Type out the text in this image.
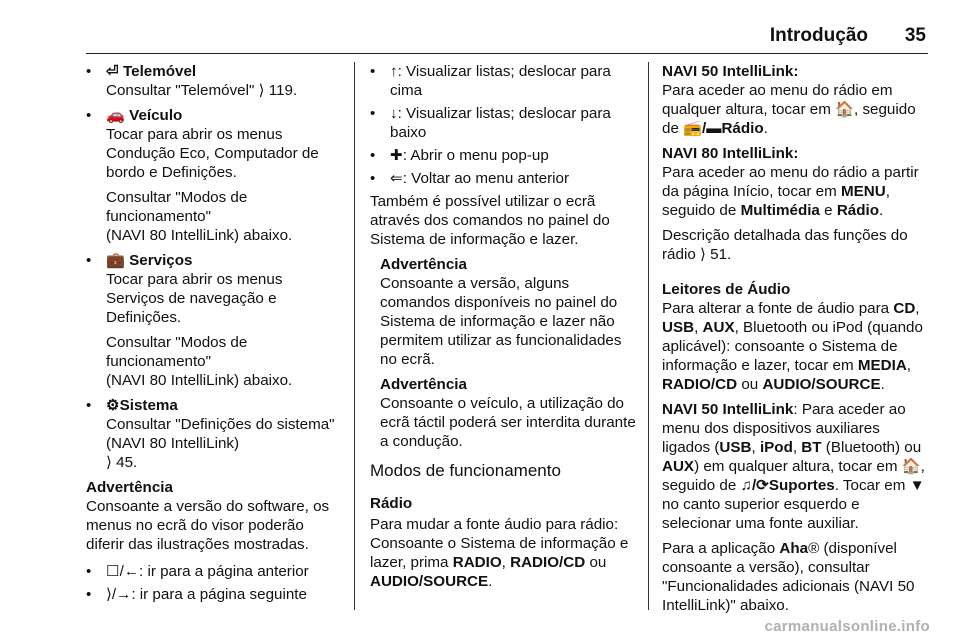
Introdução 35
• ⏎ Telemóvel

Consultar "Telemóvel" ⟩ 119.

• 🚗 Veículo

Tocar para abrir os menus Condução Eco, Computador de bordo e Definições.

Consultar "Modos de funcionamento"
(NAVI 80 IntelliLink) abaixo.

• 💼 Serviços

Tocar para abrir os menus Serviços de navegação e Definições.

Consultar "Modos de funcionamento"
(NAVI 80 IntelliLink) abaixo.

• ⚙Sistema

Consultar "Definições do sistema" (NAVI 80 IntelliLink)
⟩ 45.

Advertência
Consoante a versão do software, os menus no ecrã do visor poderão diferir das ilustrações mostradas.
• ☐/←: ir para a página anterior
• ⟩/→: ir para a página seguinte
• ↑: Visualizar listas; deslocar para cima
• ↓: Visualizar listas; deslocar para baixo
• ✚: Abrir o menu pop-up
• ⇐: Voltar ao menu anterior

Também é possível utilizar o ecrã através dos comandos no painel do Sistema de informação e lazer.

Advertência
Consoante a versão, alguns comandos disponíveis no painel do Sistema de informação e lazer não permitem utilizar as funcionalidades no ecrã.
Advertência
Consoante o veículo, a utilização do ecrã táctil poderá ser interdita durante a condução.
Modos de funcionamento
Rádio

Para mudar a fonte áudio para rádio: Consoante o Sistema de informação e lazer, prima RADIO, RADIO/CD ou AUDIO/SOURCE.

NAVI 50 IntelliLink:

Para aceder ao menu do rádio em qualquer altura, tocar em 🏠, seguido de 📻/▬Rádio.

NAVI 80 IntelliLink:

Para aceder ao menu do rádio a partir da página Início, tocar em MENU, seguido de Multimédia e Rádio.

Descrição detalhada das funções do rádio ⟩ 51.

Leitores de Áudio

Para alterar a fonte de áudio para CD, USB, AUX, Bluetooth ou iPod (quando aplicável): consoante o Sistema de informação e lazer, tocar em MEDIA, RADIO/CD ou AUDIO/SOURCE.

NAVI 50 IntelliLink: Para aceder ao menu dos dispositivos auxiliares ligados (USB, iPod, BT (Bluetooth) ou AUX) em qualquer altura, tocar em 🏠, seguido de ♫/⟳Suportes. Tocar em ▼ no canto superior esquerdo e selecionar uma fonte auxiliar.

Para a aplicação Aha® (disponível consoante a versão), consultar "Funcionalidades adicionais (NAVI 50 IntelliLink)" abaixo.

carmanualsonline.info
